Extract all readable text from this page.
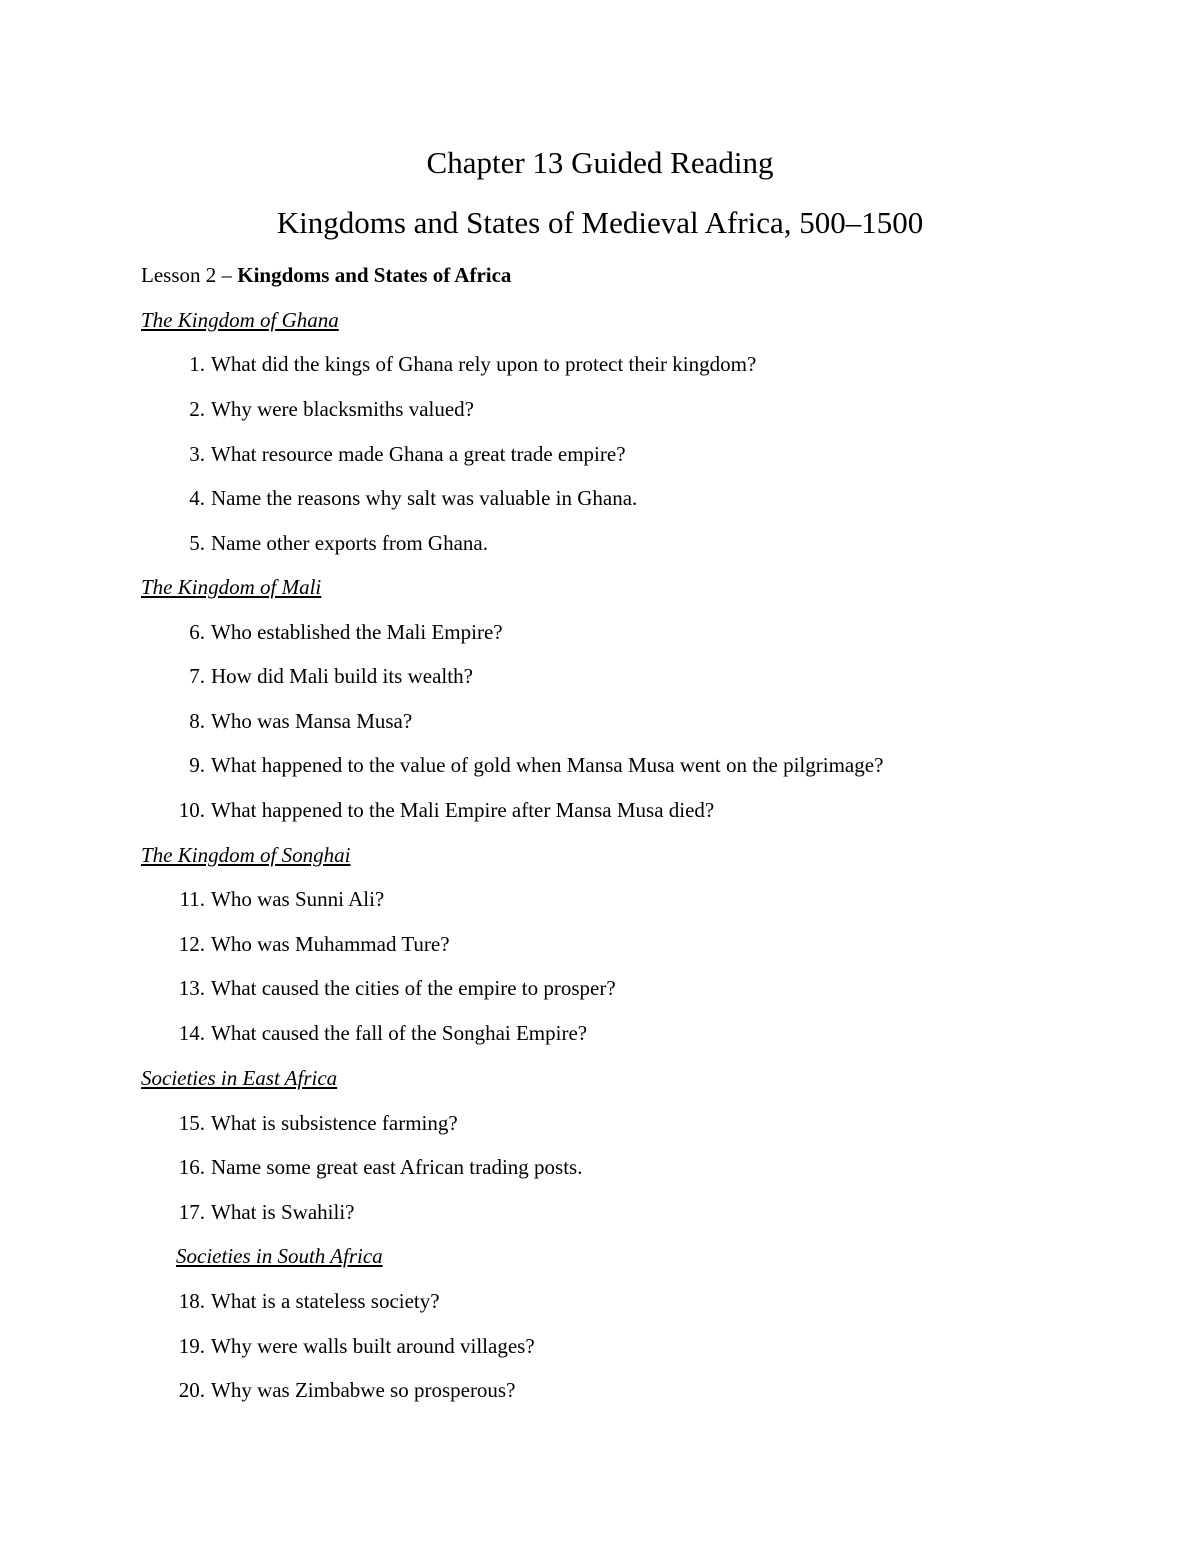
Chapter 13 Guided Reading
Kingdoms and States of Medieval Africa, 500–1500
Lesson 2 – Kingdoms and States of Africa
The Kingdom of Ghana
1. What did the kings of Ghana rely upon to protect their kingdom?
2. Why were blacksmiths valued?
3. What resource made Ghana a great trade empire?
4. Name the reasons why salt was valuable in Ghana.
5. Name other exports from Ghana.
The Kingdom of Mali
6. Who established the Mali Empire?
7. How did Mali build its wealth?
8. Who was Mansa Musa?
9. What happened to the value of gold when Mansa Musa went on the pilgrimage?
10. What happened to the Mali Empire after Mansa Musa died?
The Kingdom of Songhai
11. Who was Sunni Ali?
12. Who was Muhammad Ture?
13. What caused the cities of the empire to prosper?
14. What caused the fall of the Songhai Empire?
Societies in East Africa
15. What is subsistence farming?
16. Name some great east African trading posts.
17. What is Swahili?
Societies in South Africa
18. What is a stateless society?
19. Why were walls built around villages?
20. Why was Zimbabwe so prosperous?
